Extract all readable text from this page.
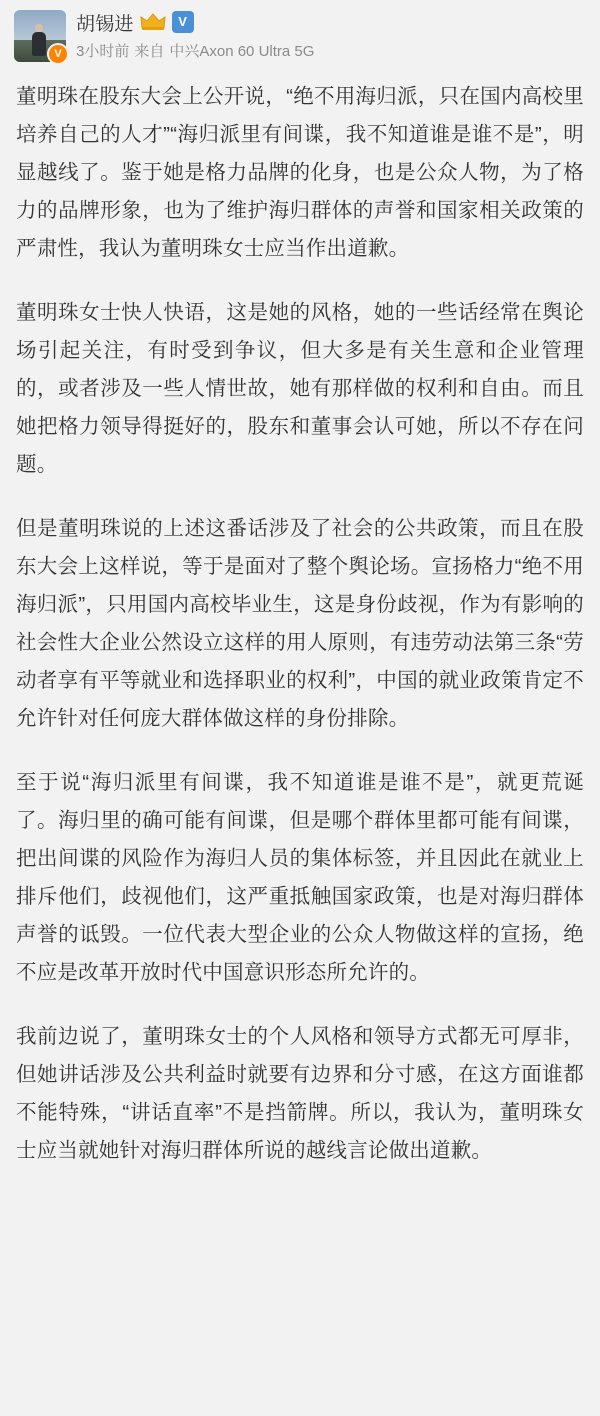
V
胡锡进	V
3小时前 来自 中兴Axon 60 Ultra 5G

董明珠在股东大会上公开说，“绝不用海归派，只在国内高校里培养自己的人才”“海归派里有间谍，我不知道谁是谁不是”，明显越线了。鉴于她是格力品牌的化身，也是公众人物，为了格力的品牌形象，也为了维护海归群体的声誉和国家相关政策的严肃性，我认为董明珠女士应当作出道歉。

董明珠女士快人快语，这是她的风格，她的一些话经常在舆论场引起关注，有时受到争议，但大多是有关生意和企业管理的，或者涉及一些人情世故，她有那样做的权利和自由。而且她把格力领导得挺好的，股东和董事会认可她，所以不存在问题。

但是董明珠说的上述这番话涉及了社会的公共政策，而且在股东大会上这样说，等于是面对了整个舆论场。宣扬格力“绝不用海归派”，只用国内高校毕业生，这是身份歧视，作为有影响的社会性大企业公然设立这样的用人原则，有违劳动法第三条“劳动者享有平等就业和选择职业的权利”，中国的就业政策肯定不允许针对任何庞大群体做这样的身份排除。

至于说“海归派里有间谍，我不知道谁是谁不是”，就更荒诞了。海归里的确可能有间谍，但是哪个群体里都可能有间谍，把出间谍的风险作为海归人员的集体标签，并且因此在就业上排斥他们，歧视他们，这严重抵触国家政策，也是对海归群体声誉的诋毁。一位代表大型企业的公众人物做这样的宣扬，绝不应是改革开放时代中国意识形态所允许的。

我前边说了，董明珠女士的个人风格和领导方式都无可厚非，但她讲话涉及公共利益时就要有边界和分寸感，在这方面谁都不能特殊，“讲话直率”不是挡箭牌。所以，我认为，董明珠女士应当就她针对海归群体所说的越线言论做出道歉。
